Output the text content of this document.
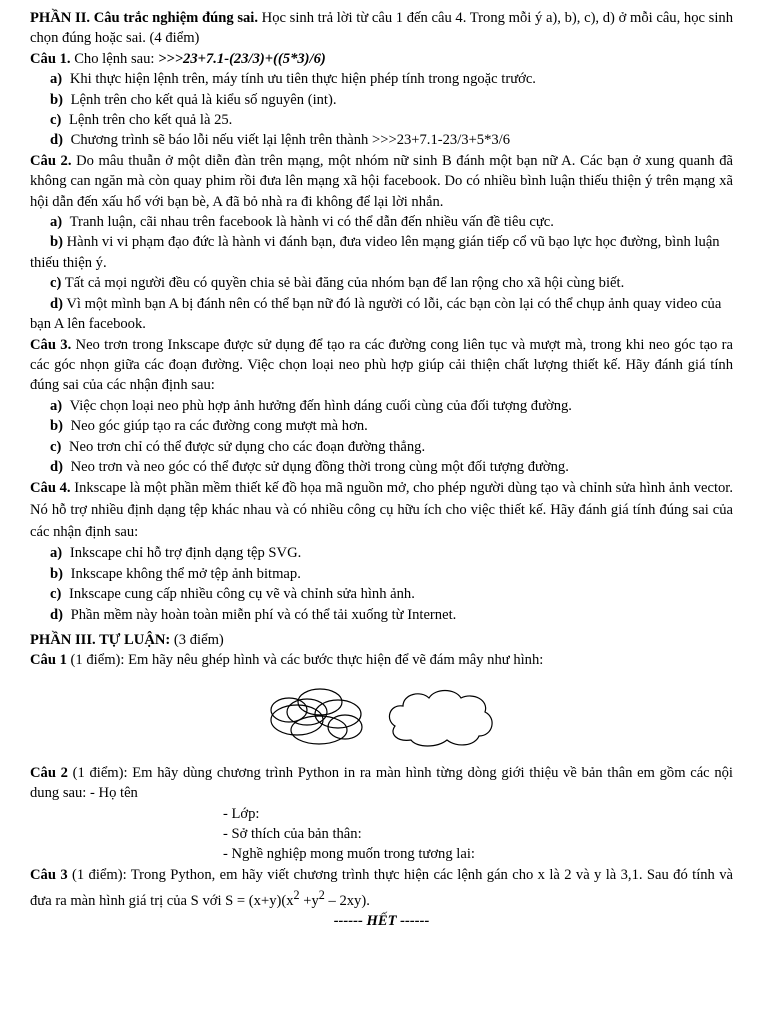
PHẦN II. Câu trắc nghiệm đúng sai. Học sinh trả lời từ câu 1 đến câu 4. Trong mỗi ý a), b), c), d) ở mỗi câu, học sinh chọn đúng hoặc sai. (4 điểm)

Câu 1. Cho lệnh sau: >>>23+7.1-(23/3)+((5*3)/6)

a) Khi thực hiện lệnh trên, máy tính ưu tiên thực hiện phép tính trong ngoặc trước.

b) Lệnh trên cho kết quả là kiểu số nguyên (int).

c) Lệnh trên cho kết quả là 25.

d) Chương trình sẽ báo lỗi nếu viết lại lệnh trên thành >>>23+7.1-23/3+5*3/6

Câu 2. Do mâu thuẫn ở một diễn đàn trên mạng, một nhóm nữ sinh B đánh một bạn nữ A. Các bạn ở xung quanh đã không can ngăn mà còn quay phim rồi đưa lên mạng xã hội facebook. Do có nhiều bình luận thiếu thiện ý trên mạng xã hội dẫn đến xấu hổ với bạn bè, A đã bỏ nhà ra đi không để lại lời nhắn.

a) Tranh luận, cãi nhau trên facebook là hành vi có thể dẫn đến nhiều vấn đề tiêu cực.

b) Hành vi vi phạm đạo đức là hành vi đánh bạn, đưa video lên mạng gián tiếp cổ vũ bạo lực học đường, bình luận thiếu thiện ý.

c) Tất cả mọi người đều có quyền chia sẻ bài đăng của nhóm bạn để lan rộng cho xã hội cùng biết.

d) Vì một mình bạn A bị đánh nên có thể bạn nữ đó là người có lỗi, các bạn còn lại có thể chụp ảnh quay video của bạn A lên facebook.

Câu 3. Neo trơn trong Inkscape được sử dụng để tạo ra các đường cong liên tục và mượt mà, trong khi neo góc tạo ra các góc nhọn giữa các đoạn đường. Việc chọn loại neo phù hợp giúp cải thiện chất lượng thiết kế. Hãy đánh giá tính đúng sai của các nhận định sau:

a) Việc chọn loại neo phù hợp ảnh hưởng đến hình dáng cuối cùng của đối tượng đường.

b) Neo góc giúp tạo ra các đường cong mượt mà hơn.

c) Neo trơn chỉ có thể được sử dụng cho các đoạn đường thẳng.

d) Neo trơn và neo góc có thể được sử dụng đồng thời trong cùng một đối tượng đường.

Câu 4. Inkscape là một phần mềm thiết kế đồ họa mã nguồn mở, cho phép người dùng tạo và chỉnh sửa hình ảnh vector. Nó hỗ trợ nhiều định dạng tệp khác nhau và có nhiều công cụ hữu ích cho việc thiết kế. Hãy đánh giá tính đúng sai của các nhận định sau:

a) Inkscape chỉ hỗ trợ định dạng tệp SVG.

b) Inkscape không thể mở tệp ảnh bitmap.

c) Inkscape cung cấp nhiều công cụ vẽ và chỉnh sửa hình ảnh.

d) Phần mềm này hoàn toàn miễn phí và có thể tải xuống từ Internet.

PHẦN III. TỰ LUẬN: (3 điểm)

Câu 1 (1 điểm): Em hãy nêu ghép hình và các bước thực hiện để vẽ đám mây như hình:

Câu 2 (1 điểm): Em hãy dùng chương trình Python in ra màn hình từng dòng giới thiệu về bản thân em gồm các nội dung sau: - Họ tên

- Lớp:

- Sở thích của bản thân:

- Nghề nghiệp mong muốn trong tương lai:

Câu 3 (1 điểm): Trong Python, em hãy viết chương trình thực hiện các lệnh gán cho x là 2 và y là 3,1. Sau đó tính và đưa ra màn hình giá trị của S với $S = (x+y)(x^2 +y^2 - 2xy)$.

------ HẾT ------
